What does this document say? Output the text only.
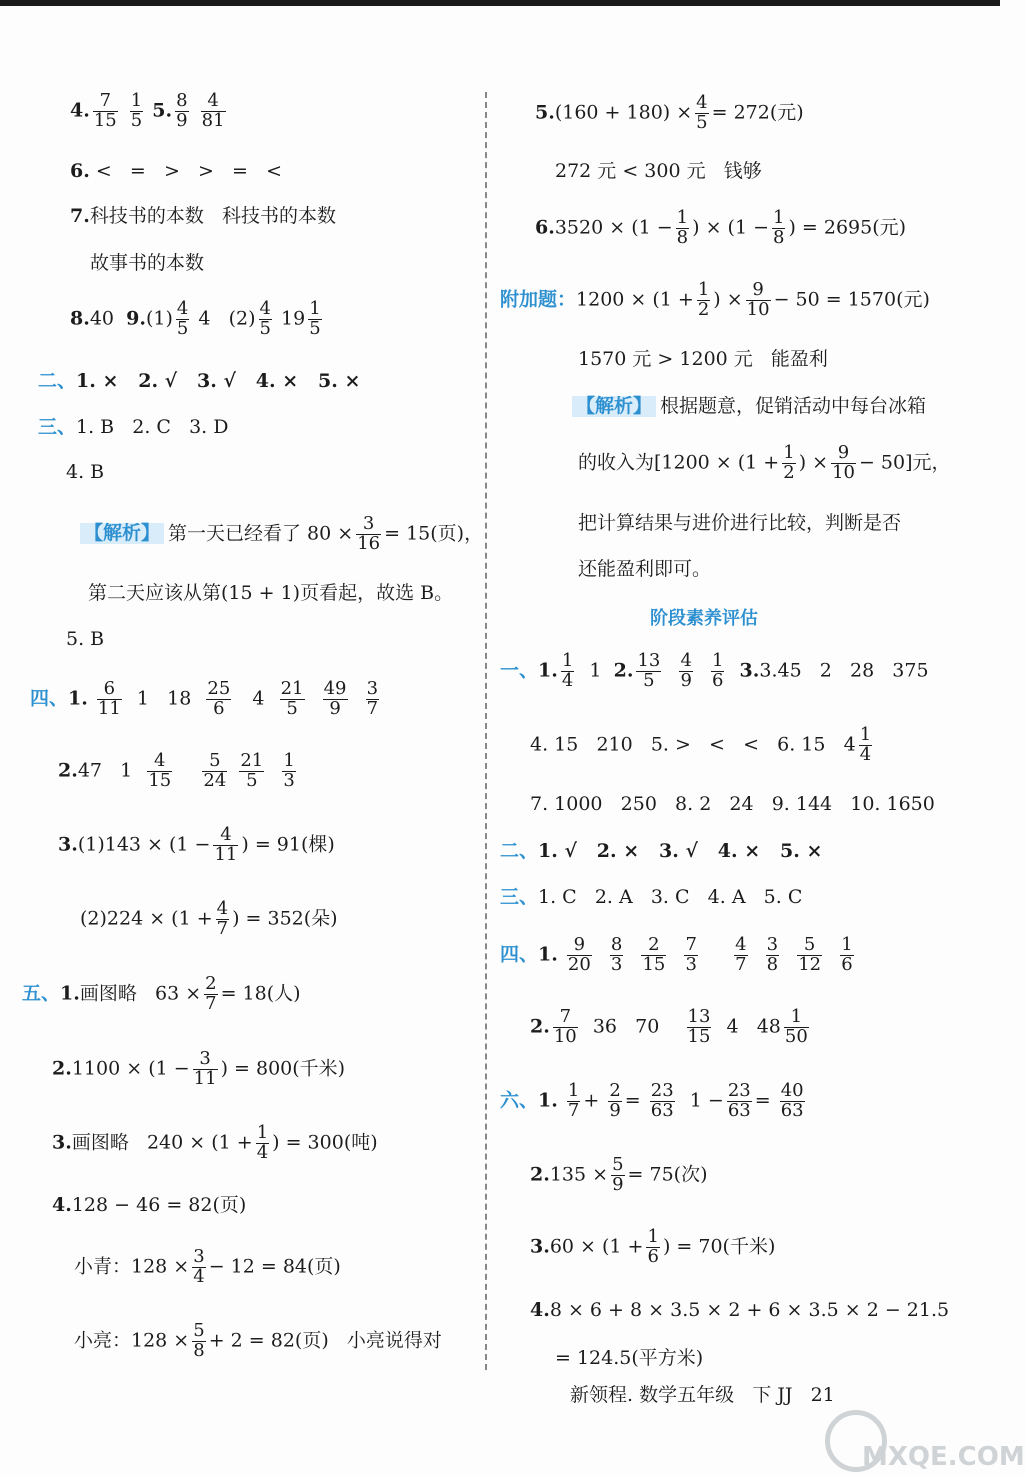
4. $\frac{7}{15}$
$\frac{1}{5} 5$. $\frac{8}{9}$
$\frac{4}{81}$
6. <   =   >   >   =   <
7.科技书的本数   科技书的本数
故事书的本数
8.40 $9.(1) \frac{4}{5} 4$   $(2) \frac{4}{5} 19 \frac{1}{5}$
二、1. ×   2. √   3. √   4. ×   5. ×
三、1. B   2. C   3. D
4. B
【解析】 第一天已经看了 $80 \times \frac{3}{16} = 15$(页)，
第二天应该从第(15 + 1)页看起，故选 B。
5. B
四、1. $\frac{6}{11} 1$   $18 \frac{25}{6} 4 \frac{21}{5}$
$\frac{49}{9}$
$\frac{3}{7}$
2.47   $1 \frac{4}{15}$
$\frac{5}{24}$
$\frac{21}{5}$
$\frac{1}{3}$
$3.(1)143 \times (1 - \frac{4}{11}$ ) = 91(棵)
$(2)224 \times (1 + \frac{4}{7}$ ) = 352(朵)
五、1.画图略   $63 \times \frac{2}{7} = 18$(人)
$2.1100 \times (1 - \frac{3}{11}$ ) = 800(千米)
3.画图略   $240 \times (1 + \frac{1}{4}$ ) = 300(吨)
4.128 − 46 = 82(页)
小青：$128 \times \frac{3}{4} - 12 = 84$(页)
小亮：$128 \times \frac{5}{8} + 2 = 82$(页)   小亮说得对
$5.(160 + 180) \times \frac{4}{5} = 272$(元)
272 元 < 300 元   钱够
$6.3520 \times (1 - \frac{1}{8}$ ) × ($1 - \frac{1}{8}$ ) = 2695(元)
附加题：$1200 \times (1 + \frac{1}{2}$ ) × $\frac{9}{10} - 50 = 1570$(元)
1570 元 > 1200 元   能盈利
【解析】 根据题意，促销活动中每台冰箱
的收入为[$1200 \times (1 + \frac{1}{2}$ ) × $\frac{9}{10} - 50$]元，
把计算结果与进价进行比较，判断是否
还能盈利即可。
阶段素养评估
一、1. $\frac{1}{4} 1$ 2. $\frac{13}{5}$
$\frac{4}{9}$
$\frac{1}{6} 3.3.45$   2   28   375
4. 15   210   5. >   <   <   6. 15   $4 \frac{1}{4}$
7. 1000   250   8. 2   24   9. 144   10. 1650
二、1. √   2. ×   3. √   4. ×   5. ×
三、1. C   2. A   3. C   4. A   5. C
四、1. $\frac{9}{20}$
$\frac{8}{3}$
$\frac{2}{15}$
$\frac{7}{3}$
$\frac{4}{7}$
$\frac{3}{8}$
$\frac{5}{12}$
$\frac{1}{6}$
2. $\frac{7}{10} 36$   $70 \frac{13}{15} 4$   $48 \frac{1}{50}$
六、1. $\frac{1}{7} + \frac{2}{9} = \frac{23}{63} 1 - \frac{23}{63} = \frac{40}{63}$
$2.135 \times \frac{5}{9} = 75$(次)
$3.60 \times (1 + \frac{1}{6}$ ) = 70(千米)
4.8 × 6 + 8 × 3.5 × 2 + 6 × 3.5 × 2 − 21.5
= 124.5(平方米)
新领程. 数学五年级   下 JJ   21
MXQE.COM
